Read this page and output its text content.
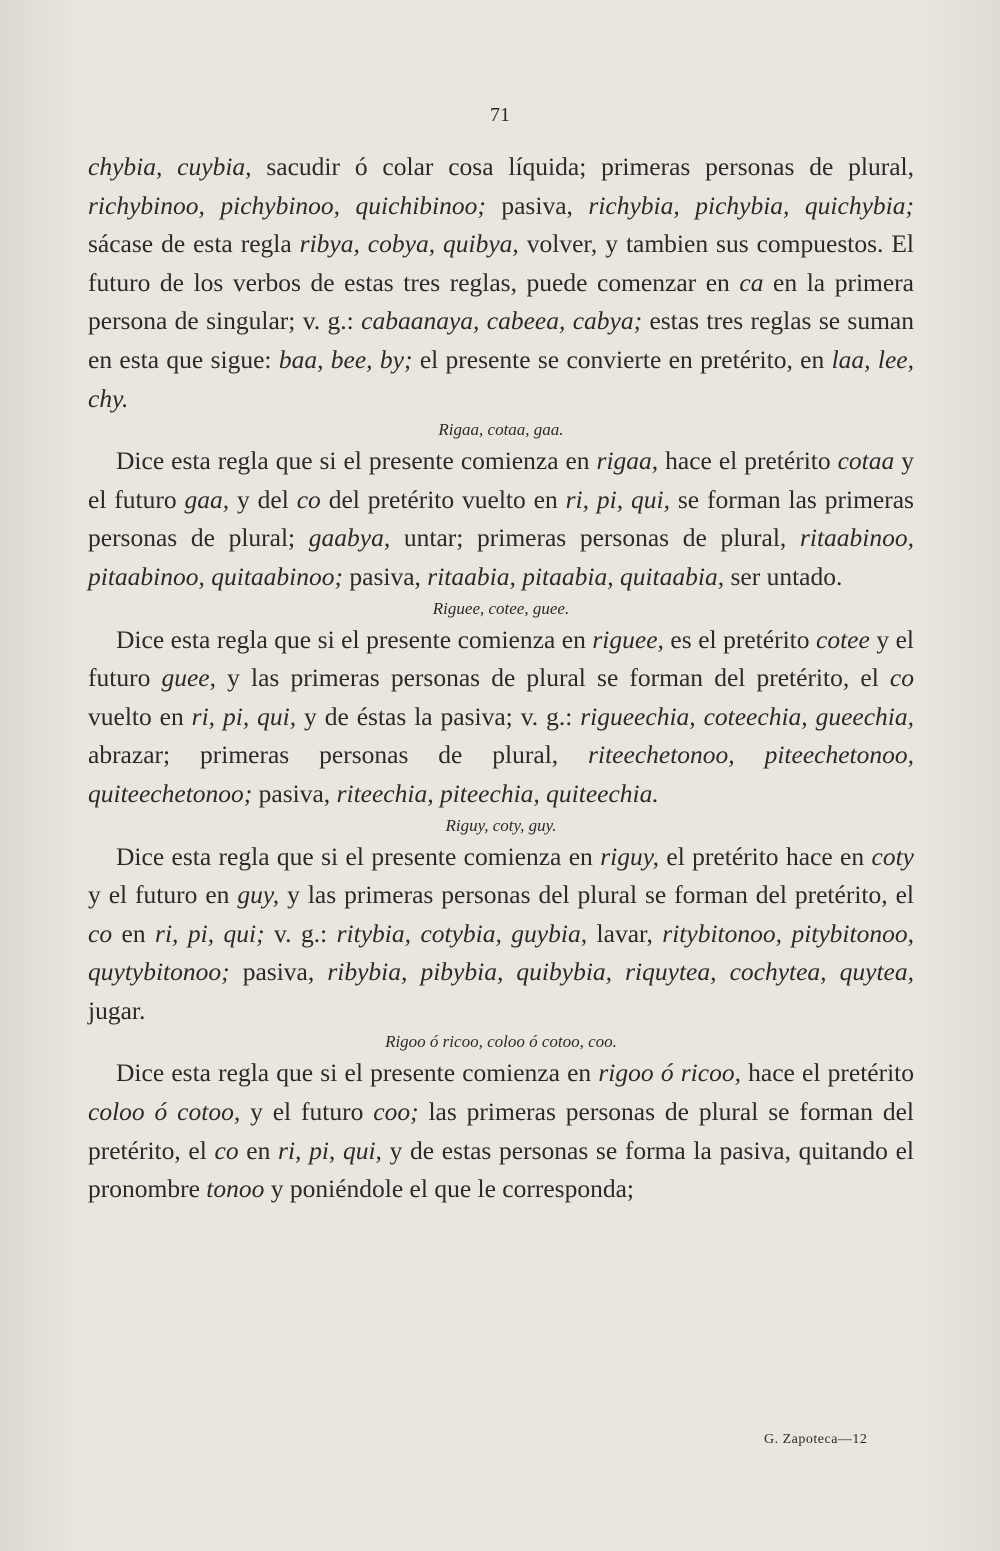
71

chybia, cuybia, sacudir ó colar cosa líquida; primeras personas de plural, richybinoo, pichybinoo, quichibinoo; pasiva, richybia, pichybia, quichybia; sácase de esta regla ribya, cobya, quibya, volver, y tambien sus compuestos. El futuro de los verbos de estas tres reglas, puede comenzar en ca en la primera persona de singular; v. g.: cabaanaya, cabeea, cabya; estas tres reglas se suman en esta que sigue: baa, bee, by; el presente se convierte en pretérito, en laa, lee, chy.

Rigaa, cotaa, gaa.

Dice esta regla que si el presente comienza en rigaa, hace el pretérito cotaa y el futuro gaa, y del co del pretérito vuelto en ri, pi, qui, se forman las primeras personas de plural; gaabya, untar; primeras personas de plural, ritaabinoo, pitaabinoo, quitaabinoo; pasiva, ritaabia, pitaabia, quitaabia, ser untado.

Riguee, cotee, guee.

Dice esta regla que si el presente comienza en riguee, es el pretérito cotee y el futuro guee, y las primeras personas de plural se forman del pretérito, el co vuelto en ri, pi, qui, y de éstas la pasiva; v. g.: rigueechia, coteechia, gueechia, abrazar; primeras personas de plural, riteechetonoo, piteechetonoo, quiteechetonoo; pasiva, riteechia, piteechia, quiteechia.

Riguy, coty, guy.

Dice esta regla que si el presente comienza en riguy, el pretérito hace en coty y el futuro en guy, y las primeras personas del plural se forman del pretérito, el co en ri, pi, qui; v. g.: ritybia, cotybia, guybia, lavar, ritybitonoo, pitybitonoo, quytybitonoo; pasiva, ribybia, pibybia, quibybia, riquytea, cochytea, quytea, jugar.

Rigoo ó ricoo, coloo ó cotoo, coo.

Dice esta regla que si el presente comienza en rigoo ó ricoo, hace el pretérito coloo ó cotoo, y el futuro coo; las primeras personas de plural se forman del pretérito, el co en ri, pi, qui, y de estas personas se forma la pasiva, quitando el pronombre tonoo y poniéndole el que le corresponda;

G. Zapoteca—12
